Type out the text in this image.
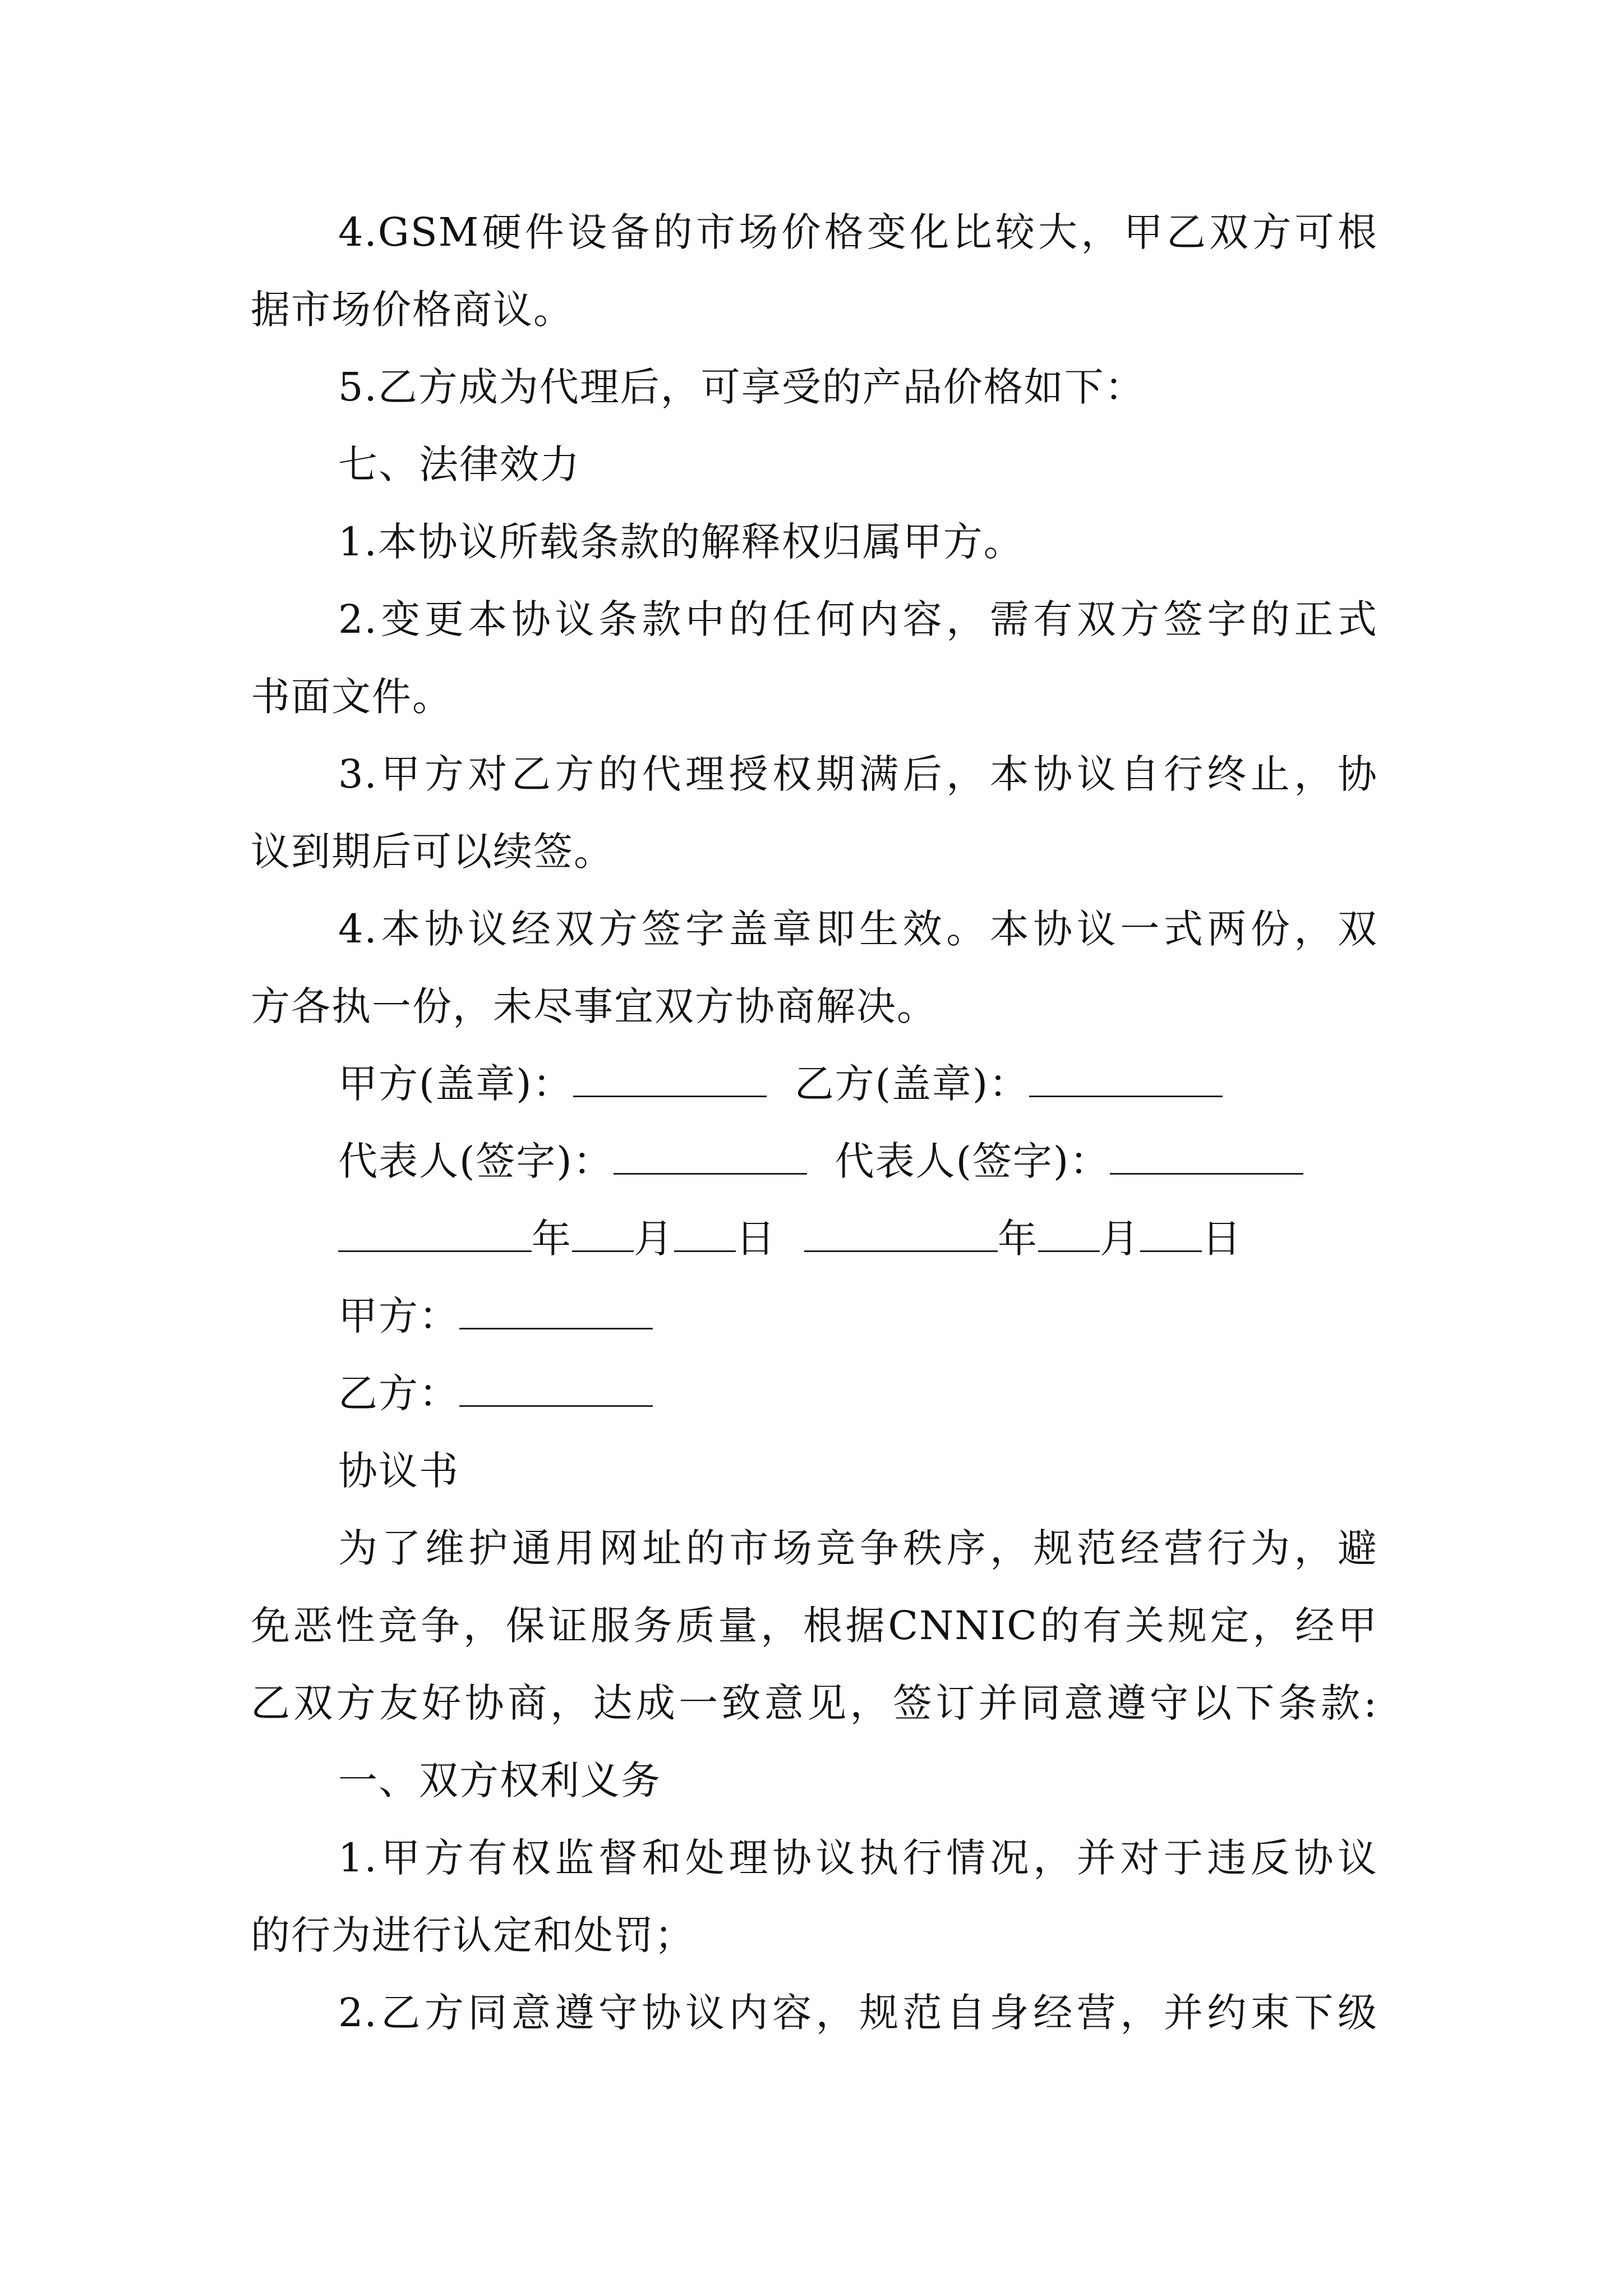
4.GSM硬件设备的市场价格变化比较大，甲乙双方可根
据市场价格商议。
5.乙方成为代理后，可享受的产品价格如下：
七、法律效力
1.本协议所载条款的解释权归属甲方。
2.变更本协议条款中的任何内容，需有双方签字的正式
书面文件。
3.甲方对乙方的代理授权期满后，本协议自行终止，协
议到期后可以续签。
4.本协议经双方签字盖章即生效。本协议一式两份，双
方各执一份，未尽事宜双方协商解决。
甲方(盖章)：	乙方(盖章)：
代表人(签字)：	代表人(签字)：
年 月 日	年 月 日
甲方：
乙方：
协议书
为了维护通用网址的市场竞争秩序，规范经营行为，避
免恶性竞争，保证服务质量，根据CNNIC的有关规定，经甲
乙双方友好协商，达成一致意见，签订并同意遵守以下条款:
一、双方权利义务
1.甲方有权监督和处理协议执行情况，并对于违反协议
的行为进行认定和处罚；
2.乙方同意遵守协议内容，规范自身经营，并约束下级
